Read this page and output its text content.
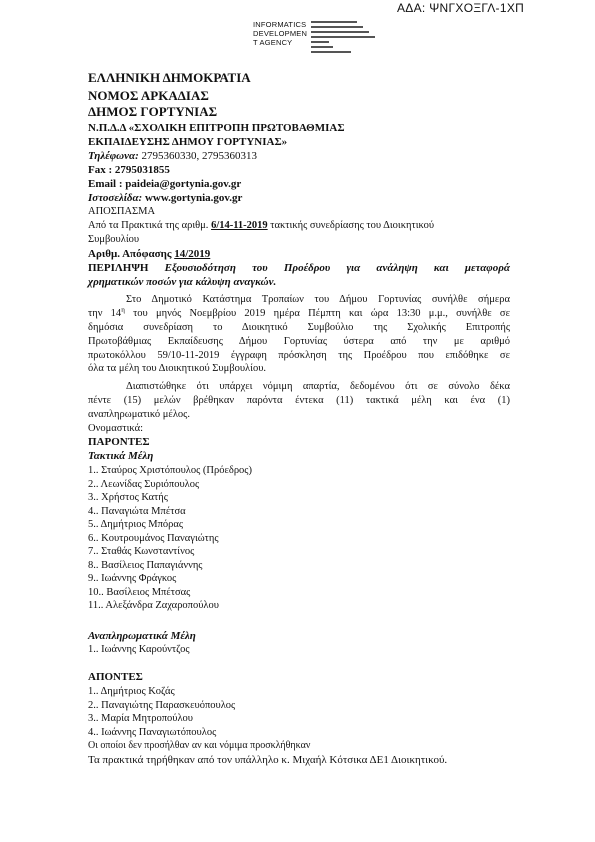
ΑΔΑ: ΨΝΓΧΟΞΓΛ-1ΧΠ
INFORMATICS
DEVELOPMEN
T AGENCY
ΕΛΛΗΝΙΚΗ ΔΗΜΟΚΡΑΤΙΑ
ΝΟΜΟΣ ΑΡΚΑΔΙΑΣ
ΔΗΜΟΣ ΓΟΡΤΥΝΙΑΣ
Ν.Π.Δ.Δ «ΣΧΟΛΙΚΗ ΕΠΙΤΡΟΠΗ ΠΡΩΤΟΒΑΘΜΙΑΣ
ΕΚΠΑΙΔΕΥΣΗΣ ΔΗΜΟΥ ΓΟΡΤΥΝΙΑΣ»
Τηλέφωνα: 2795360330, 2795360313
Fax : 2795031855
Email : paideia@gortynia.gov.gr
Ιστοσελίδα: www.gortynia.gov.gr
ΑΠΟΣΠΑΣΜΑ
Από τα Πρακτικά της αριθμ. 6/14-11-2019 τακτικής συνεδρίασης του Διοικητικού
Συμβουλίου
Αριθμ. Απόφασης 14/2019
ΠΕΡΙΛΗΨΗ Εξουσιοδότηση του Προέδρου για ανάληψη και μεταφορά
χρηματικών ποσών για κάλυψη αναγκών.
Στο Δημοτικό Κατάστημα Τροπαίων του Δήμου Γορτυνίας συνήλθε σήμερα
την $14^\eta$ του μηνός Νοεμβρίου 2019 ημέρα Πέμπτη και ώρα 13:30 μ.μ., συνήλθε σε
δημόσια συνεδρίαση το Διοικητικό Συμβούλιο της Σχολικής Επιτροπής
Πρωτοβάθμιας Εκπαίδευσης Δήμου Γορτυνίας ύστερα από την με αριθμό
πρωτοκόλλου 59/10-11-2019 έγγραφη πρόσκληση της Προέδρου που επιδόθηκε σε
όλα τα μέλη του Διοικητικού Συμβουλίου.
Διαπιστώθηκε ότι υπάρχει νόμιμη απαρτία, δεδομένου ότι σε σύνολο δέκα
πέντε (15) μελών βρέθηκαν παρόντα έντεκα (11) τακτικά μέλη και ένα (1)
αναπληρωματικό μέλος.
Ονομαστικά:
ΠΑΡΟΝΤΕΣ
Τακτικά Μέλη
1.. Σταύρος Χριστόπουλος (Πρόεδρος)
2.. Λεωνίδας Συριόπουλος
3.. Χρήστος Κατής
4.. Παναγιώτα Μπέτσα
5.. Δημήτριος Μπόρας
6.. Κουτρουμάνος Παναγιώτης
7.. Σταθάς Κωνσταντίνος
8.. Βασίλειος Παπαγιάννης
9.. Ιωάννης Φράγκος
10.. Βασίλειος Μπέτσας
11.. Αλεξάνδρα Ζαχαροπούλου
Αναπληρωματικά Μέλη
1.. Ιωάννης Καρούντζος
ΑΠΟΝΤΕΣ
1.. Δημήτριος Κοζάς
2.. Παναγιώτης Παρασκευόπουλος
3.. Μαρία Μητροπούλου
4.. Ιωάννης Παναγιωτόπουλος
Οι οποίοι δεν προσήλθαν αν και νόμιμα προσκλήθηκαν
Τα πρακτικά τηρήθηκαν από τον υπάλληλο κ. Μιχαήλ Κότσικα ΔΕ1 Διοικητικού.
